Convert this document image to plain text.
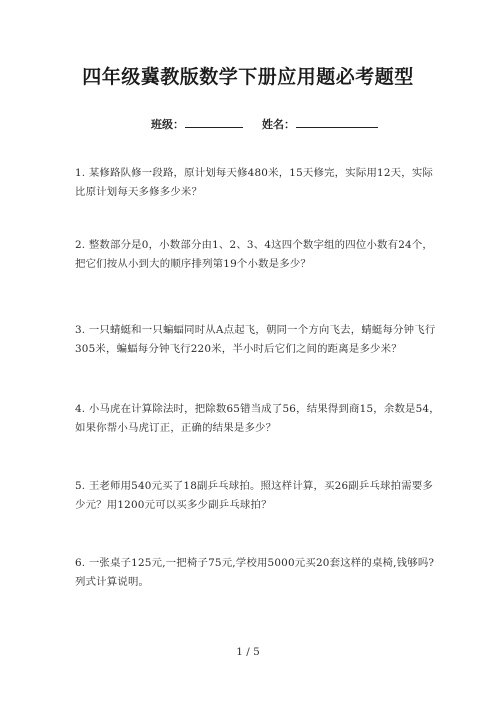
四年级冀教版数学下册应用题必考题型
班级：	姓名：
1. 某修路队修一段路，原计划每天修480米，15天修完，实际用12天，实际比原计划每天多修多少米？
2. 整数部分是0，小数部分由1、2、3、4这四个数字组的四位小数有24个，把它们按从小到大的顺序排列第19个小数是多少？
3. 一只蜻蜓和一只蝙蝠同时从A点起飞，朝同一个方向飞去，蜻蜓每分钟飞行305米，蝙蝠每分钟飞行220米，半小时后它们之间的距离是多少米？
4. 小马虎在计算除法时，把除数65错当成了56，结果得到商15，余数是54，如果你帮小马虎订正，正确的结果是多少？
5. 王老师用540元买了18副乒乓球拍。照这样计算，买26副乒乓球拍需要多少元？用1200元可以买多少副乒乓球拍？
6. 一张桌子125元,一把椅子75元,学校用5000元买20套这样的桌椅,钱够吗?列式计算说明。
1 / 5
